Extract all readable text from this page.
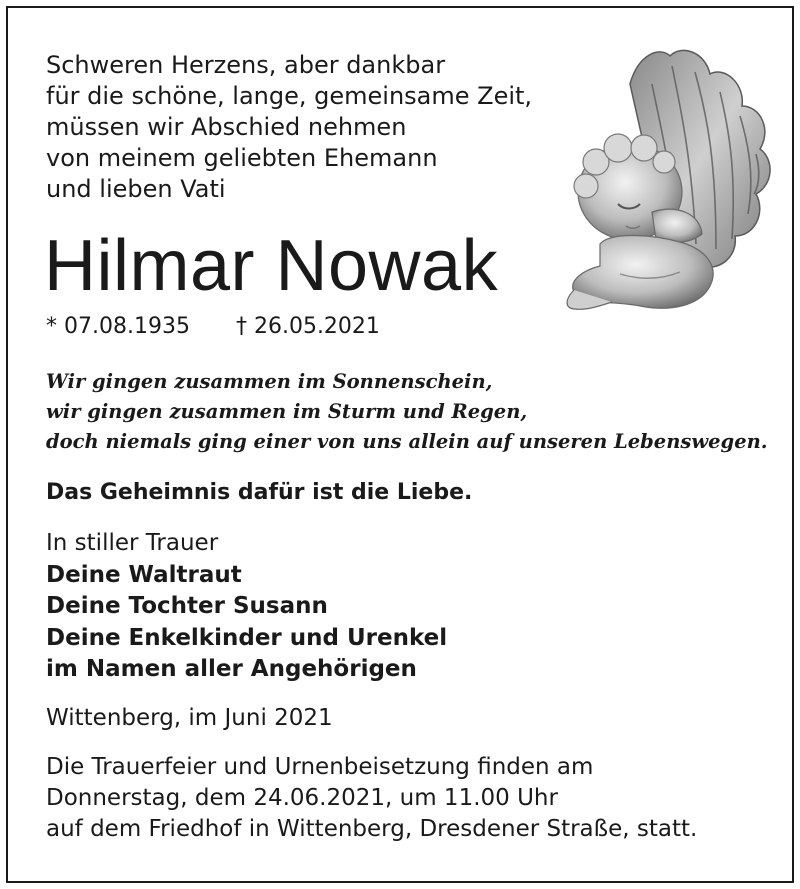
Schweren Herzens, aber dankbar
für die schöne, lange, gemeinsame Zeit,
müssen wir Abschied nehmen
von meinem geliebten Ehemann
und lieben Vati
Hilmar Nowak
* 07.08.1935 † 26.05.2021
Wir gingen zusammen im Sonnenschein,
wir gingen zusammen im Sturm und Regen,
doch niemals ging einer von uns allein auf unseren Lebenswegen.
Das Geheimnis dafür ist die Liebe.
In stiller Trauer
Deine Waltraut
Deine Tochter Susann
Deine Enkelkinder und Urenkel
im Namen aller Angehörigen
Wittenberg, im Juni 2021
Die Trauerfeier und Urnenbeisetzung finden am
Donnerstag, dem 24.06.2021, um 11.00 Uhr
auf dem Friedhof in Wittenberg, Dresdener Straße, statt.
